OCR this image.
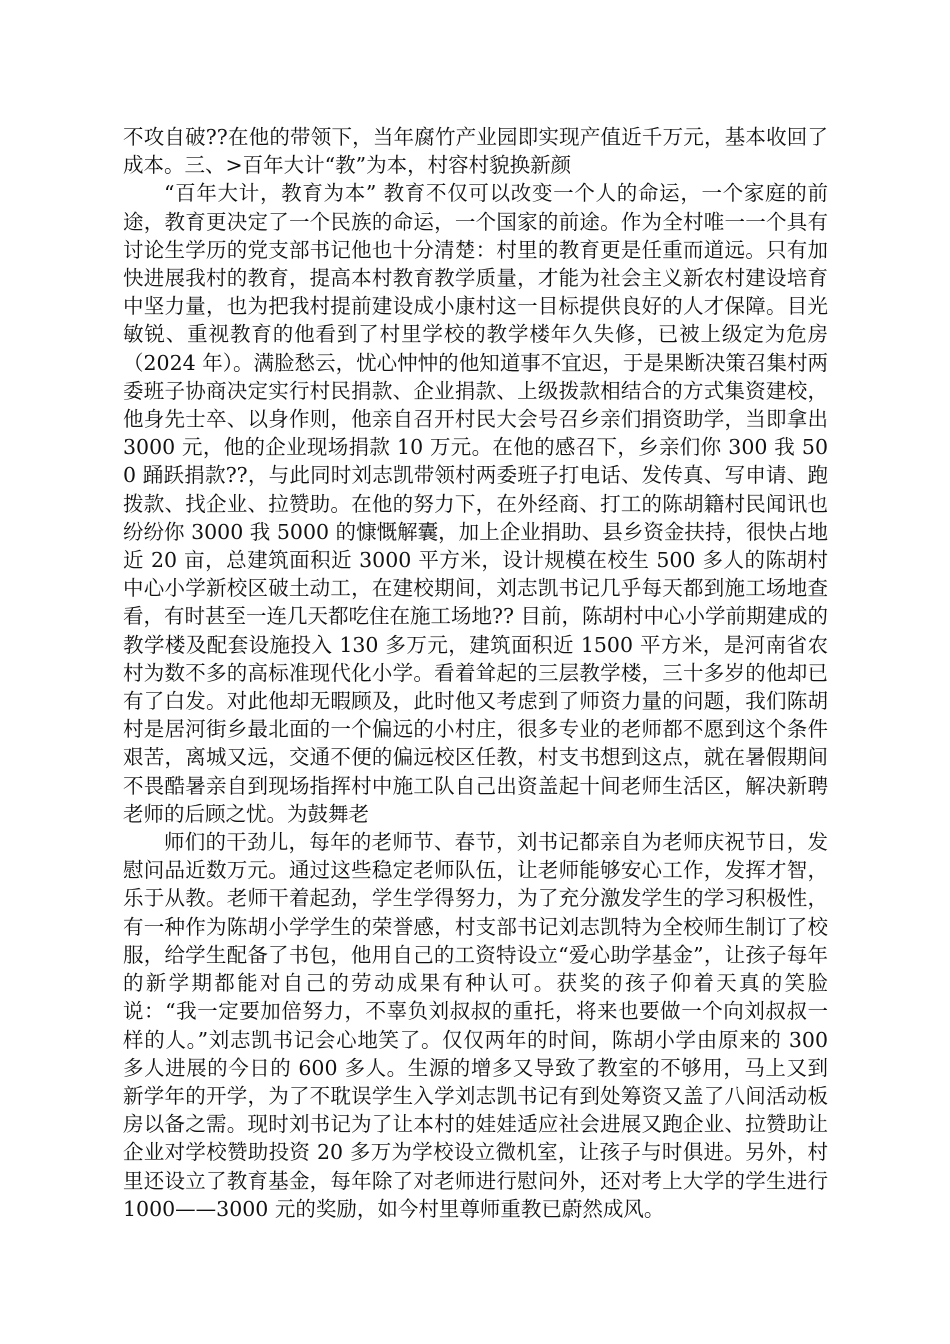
不攻自破??在他的带领下，当年腐竹产业园即实现产值近千万元，基本收回了成本。三、>百年大计“教”为本，村容村貌换新颜

“百年大计，教育为本” 教育不仅可以改变一个人的命运，一个家庭的前途，教育更决定了一个民族的命运，一个国家的前途。作为全村唯一一个具有讨论生学历的党支部书记他也十分清楚：村里的教育更是任重而道远。只有加快进展我村的教育，提高本村教育教学质量，才能为社会主义新农村建设培育中坚力量，也为把我村提前建设成小康村这一目标提供良好的人才保障。目光敏锐、重视教育的他看到了村里学校的教学楼年久失修，已被上级定为危房（2024 年）。满脸愁云，忧心忡忡的他知道事不宜迟，于是果断决策召集村两委班子协商决定实行村民捐款、企业捐款、上级拨款相结合的方式集资建校，他身先士卒、以身作则，他亲自召开村民大会号召乡亲们捐资助学，当即拿出 3000 元，他的企业现场捐款 10 万元。在他的感召下，乡亲们你 300 我 500 踊跃捐款??，与此同时刘志凯带领村两委班子打电话、发传真、写申请、跑拨款、找企业、拉赞助。在他的努力下，在外经商、打工的陈胡籍村民闻讯也纷纷你 3000 我 5000 的慷慨解囊，加上企业捐助、县乡资金扶持，很快占地近 20 亩，总建筑面积近 3000 平方米，设计规模在校生 500 多人的陈胡村中心小学新校区破土动工，在建校期间，刘志凯书记几乎每天都到施工场地查看，有时甚至一连几天都吃住在施工场地?? 目前，陈胡村中心小学前期建成的教学楼及配套设施投入 130 多万元，建筑面积近 1500 平方米，是河南省农村为数不多的高标准现代化小学。看着耸起的三层教学楼，三十多岁的他却已有了白发。对此他却无暇顾及，此时他又考虑到了师资力量的问题，我们陈胡村是居河街乡最北面的一个偏远的小村庄，很多专业的老师都不愿到这个条件艰苦，离城又远，交通不便的偏远校区任教，村支书想到这点，就在暑假期间不畏酷暑亲自到现场指挥村中施工队自己出资盖起十间老师生活区，解决新聘老师的后顾之忧。为鼓舞老

师们的干劲儿，每年的老师节、春节，刘书记都亲自为老师庆祝节日，发慰问品近数万元。通过这些稳定老师队伍，让老师能够安心工作，发挥才智，乐于从教。老师干着起劲，学生学得努力，为了充分激发学生的学习积极性，有一种作为陈胡小学学生的荣誉感，村支部书记刘志凯特为全校师生制订了校服，给学生配备了书包，他用自己的工资特设立“爱心助学基金”，让孩子每年的新学期都能对自己的劳动成果有种认可。获奖的孩子仰着天真的笑脸说：“我一定要加倍努力，不辜负刘叔叔的重托，将来也要做一个向刘叔叔一样的人。”刘志凯书记会心地笑了。仅仅两年的时间，陈胡小学由原来的 300 多人进展的今日的 600 多人。生源的增多又导致了教室的不够用，马上又到新学年的开学，为了不耽误学生入学刘志凯书记有到处筹资又盖了八间活动板房以备之需。现时刘书记为了让本村的娃娃适应社会进展又跑企业、拉赞助让企业对学校赞助投资 20 多万为学校设立微机室，让孩子与时俱进。另外，村里还设立了教育基金，每年除了对老师进行慰问外，还对考上大学的学生进行 1000——3000 元的奖励，如今村里尊师重教已蔚然成风。
